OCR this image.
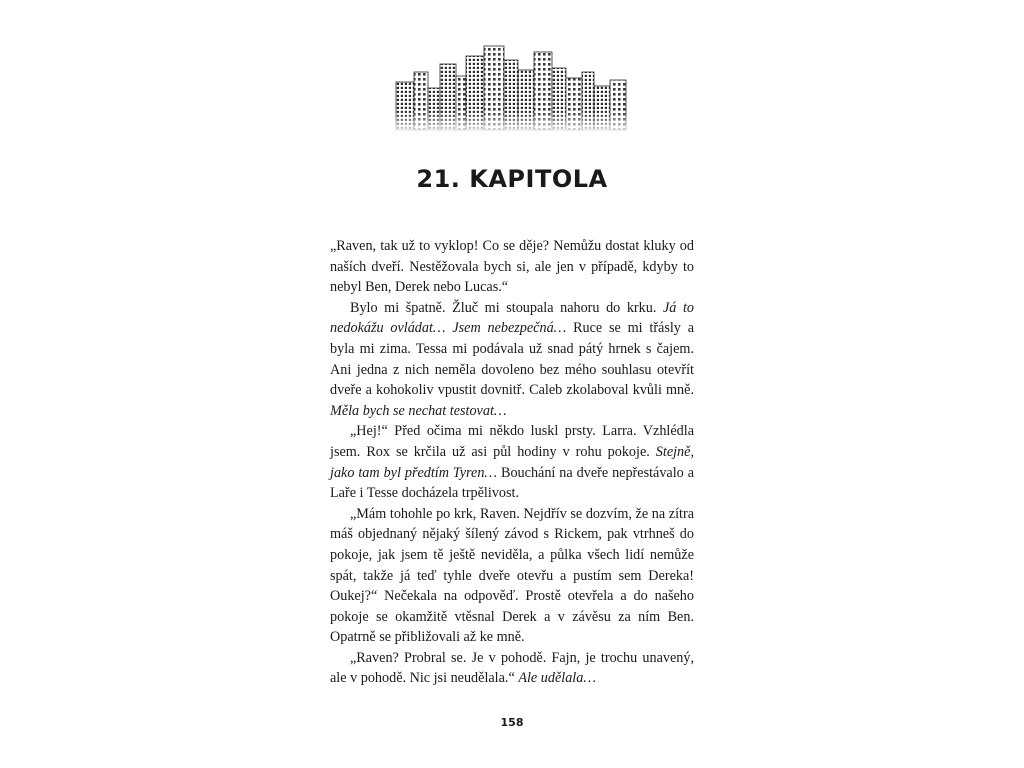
21. KAPITOLA

„Raven, tak už to vyklop! Co se děje? Nemůžu dostat kluky od naších dveří. Nestěžovala bych si, ale jen v případě, kdyby to nebyl Ben, Derek nebo Lucas.“

Bylo mi špatně. Žluč mi stoupala nahoru do krku. Já to nedokážu ovládat… Jsem nebezpečná… Ruce se mi třásly a byla mi zima. Tessa mi podávala už snad pátý hrnek s čajem. Ani jedna z nich neměla dovoleno bez mého souhlasu otevřít dveře a kohokoliv vpustit dovnitř. Caleb zkolaboval kvůli mně. Měla bych se nechat testovat…

„Hej!“ Před očima mi někdo luskl prsty. Larra. Vzhlédla jsem. Rox se krčila už asi půl hodiny v rohu pokoje. Stejně, jako tam byl předtím Tyren… Bouchání na dveře nepřestávalo a Laře i Tesse docházela trpělivost.

„Mám tohohle po krk, Raven. Nejdřív se dozvím, že na zítra máš objednaný nějaký šílený závod s Rickem, pak vtrhneš do pokoje, jak jsem tě ještě neviděla, a půlka všech lidí nemůže spát, takže já teď tyhle dveře otevřu a pustím sem Dereka! Oukej?“ Nečekala na odpověď. Prostě otevřela a do našeho pokoje se okamžitě vtěsnal Derek a v závěsu za ním Ben. Opatrně se přibližovali až ke mně.

„Raven? Probral se. Je v pohodě. Fajn, je trochu unavený, ale v pohodě. Nic jsi neudělala.“ Ale udělala…

158
